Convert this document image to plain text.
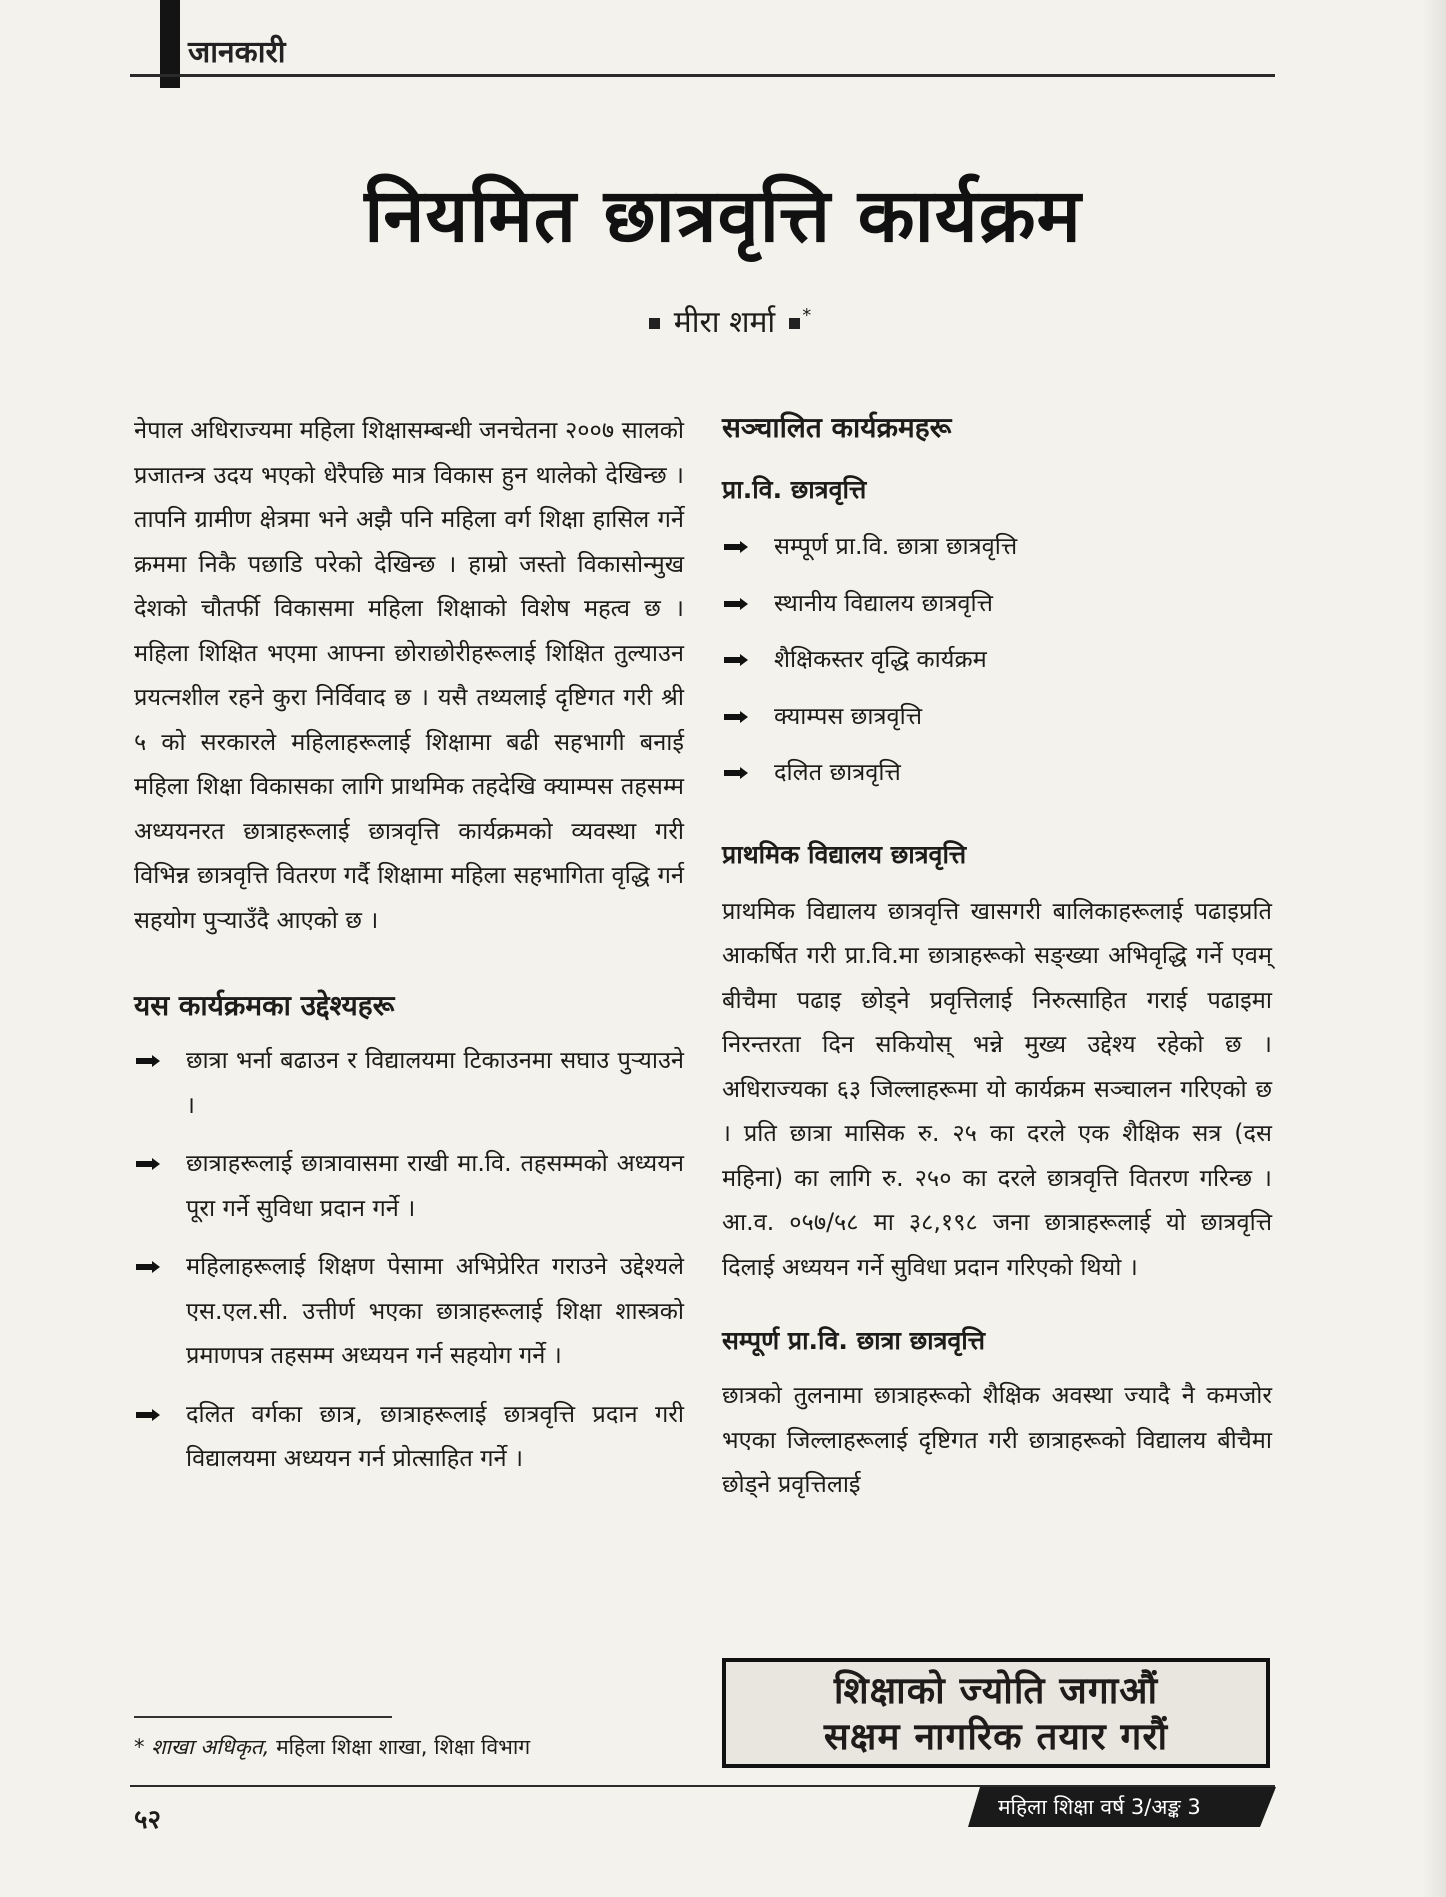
जानकारी
नियमित छात्रवृत्ति कार्यक्रम
मीरा शर्मा *

नेपाल अधिराज्यमा महिला शिक्षासम्बन्धी जनचेतना २००७ सालको प्रजातन्त्र उदय भएको धेरैपछि मात्र विकास हुन थालेको देखिन्छ । तापनि ग्रामीण क्षेत्रमा भने अझै पनि महिला वर्ग शिक्षा हासिल गर्ने क्रममा निकै पछाडि परेको देखिन्छ । हाम्रो जस्तो विकासोन्मुख देशको चौतर्फी विकासमा महिला शिक्षाको विशेष महत्व छ । महिला शिक्षित भएमा आफ्ना छोराछोरीहरूलाई शिक्षित तुल्याउन प्रयत्नशील रहने कुरा निर्विवाद छ । यसै तथ्यलाई दृष्टिगत गरी श्री ५ को सरकारले महिलाहरूलाई शिक्षामा बढी सहभागी बनाई महिला शिक्षा विकासका लागि प्राथमिक तहदेखि क्याम्पस तहसम्म अध्ययनरत छात्राहरूलाई छात्रवृत्ति कार्यक्रमको व्यवस्था गरी विभिन्न छात्रवृत्ति वितरण गर्दै शिक्षामा महिला सहभागिता वृद्धि गर्न सहयोग पुर्‍याउँदै आएको छ ।

यस कार्यक्रमका उद्देश्यहरू
छात्रा भर्ना बढाउन र विद्यालयमा टिकाउनमा सघाउ पुर्‍याउने ।
छात्राहरूलाई छात्रावासमा राखी मा.वि. तहसम्मको अध्ययन पूरा गर्ने सुविधा प्रदान गर्ने ।
महिलाहरूलाई शिक्षण पेसामा अभिप्रेरित गराउने उद्देश्यले एस.एल.सी. उत्तीर्ण भएका छात्राहरूलाई शिक्षा शास्त्रको प्रमाणपत्र तहसम्म अध्ययन गर्न सहयोग गर्ने ।
दलित वर्गका छात्र, छात्राहरूलाई छात्रवृत्ति प्रदान गरी विद्यालयमा अध्ययन गर्न प्रोत्साहित गर्ने ।
सञ्चालित कार्यक्रमहरू
प्रा.वि. छात्रवृत्ति
सम्पूर्ण प्रा.वि. छात्रा छात्रवृत्ति
स्थानीय विद्यालय छात्रवृत्ति
शैक्षिकस्तर वृद्धि कार्यक्रम
क्याम्पस छात्रवृत्ति
दलित छात्रवृत्ति
प्राथमिक विद्यालय छात्रवृत्ति

प्राथमिक विद्यालय छात्रवृत्ति खासगरी बालिकाहरूलाई पढाइप्रति आकर्षित गरी प्रा.वि.मा छात्राहरूको सङ्ख्या अभिवृद्धि गर्ने एवम् बीचैमा पढाइ छोड्ने प्रवृत्तिलाई निरुत्साहित गराई पढाइमा निरन्तरता दिन सकियोस् भन्ने मुख्य उद्देश्य रहेको छ । अधिराज्यका ६३ जिल्लाहरूमा यो कार्यक्रम सञ्चालन गरिएको छ । प्रति छात्रा मासिक रु. २५ का दरले एक शैक्षिक सत्र (दस महिना) का लागि रु. २५० का दरले छात्रवृत्ति वितरण गरिन्छ । आ.व. ०५७/५८ मा ३८,१९८ जना छात्राहरूलाई यो छात्रवृत्ति दिलाई अध्ययन गर्ने सुविधा प्रदान गरिएको थियो ।

सम्पूर्ण प्रा.वि. छात्रा छात्रवृत्ति

छात्रको तुलनामा छात्राहरूको शैक्षिक अवस्था ज्यादै नै कमजोर भएका जिल्लाहरूलाई दृष्टिगत गरी छात्राहरूको विद्यालय बीचैमा छोड्ने प्रवृत्तिलाई

* शाखा अधिकृत, महिला शिक्षा शाखा, शिक्षा विभाग
शिक्षाको ज्योति जगाऔं
सक्षम नागरिक तयार गरौं
५२	महिला शिक्षा वर्ष 3/अङ्क 3
